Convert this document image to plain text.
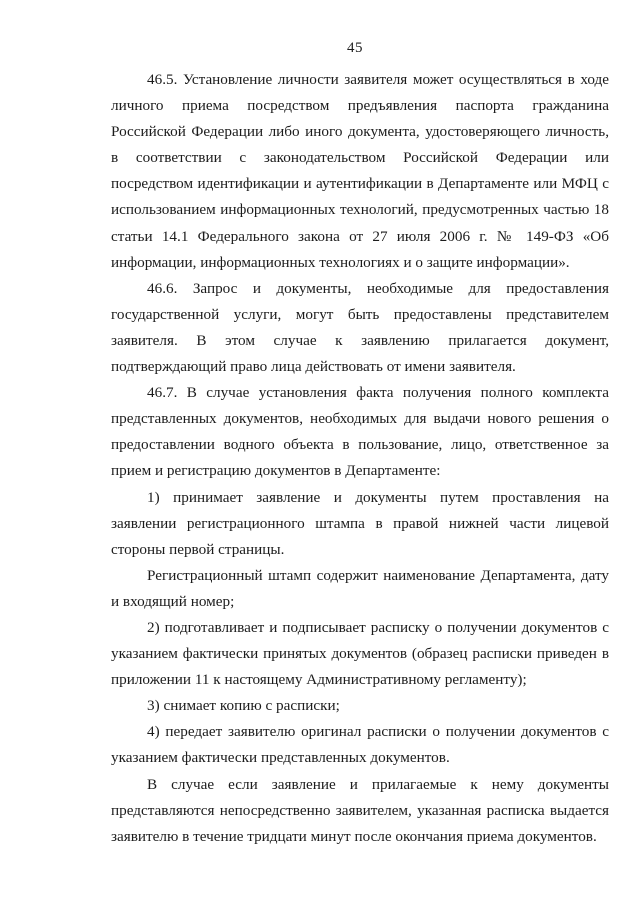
45

46.5. Установление личности заявителя может осуществляться в ходе личного приема посредством предъявления паспорта гражданина Российской Федерации либо иного документа, удостоверяющего личность, в соответствии с законодательством Российской Федерации или посредством идентификации и аутентификации в Департаменте или МФЦ с использованием информационных технологий, предусмотренных частью 18 статьи 14.1 Федерального закона от 27 июля 2006 г. № 149-ФЗ «Об информации, информационных технологиях и о защите информации».

46.6. Запрос и документы, необходимые для предоставления государственной услуги, могут быть предоставлены представителем заявителя. В этом случае к заявлению прилагается документ, подтверждающий право лица действовать от имени заявителя.

46.7. В случае установления факта получения полного комплекта представленных документов, необходимых для выдачи нового решения о предоставлении водного объекта в пользование, лицо, ответственное за прием и регистрацию документов в Департаменте:

1) принимает заявление и документы путем проставления на заявлении регистрационного штампа в правой нижней части лицевой стороны первой страницы.

Регистрационный штамп содержит наименование Департамента, дату и входящий номер;

2) подготавливает и подписывает расписку о получении документов с указанием фактически принятых документов (образец расписки приведен в приложении 11 к настоящему Административному регламенту);

3) снимает копию с расписки;

4) передает заявителю оригинал расписки о получении документов с указанием фактически представленных документов.

В случае если заявление и прилагаемые к нему документы представляются непосредственно заявителем, указанная расписка выдается заявителю в течение тридцати минут после окончания приема документов.
